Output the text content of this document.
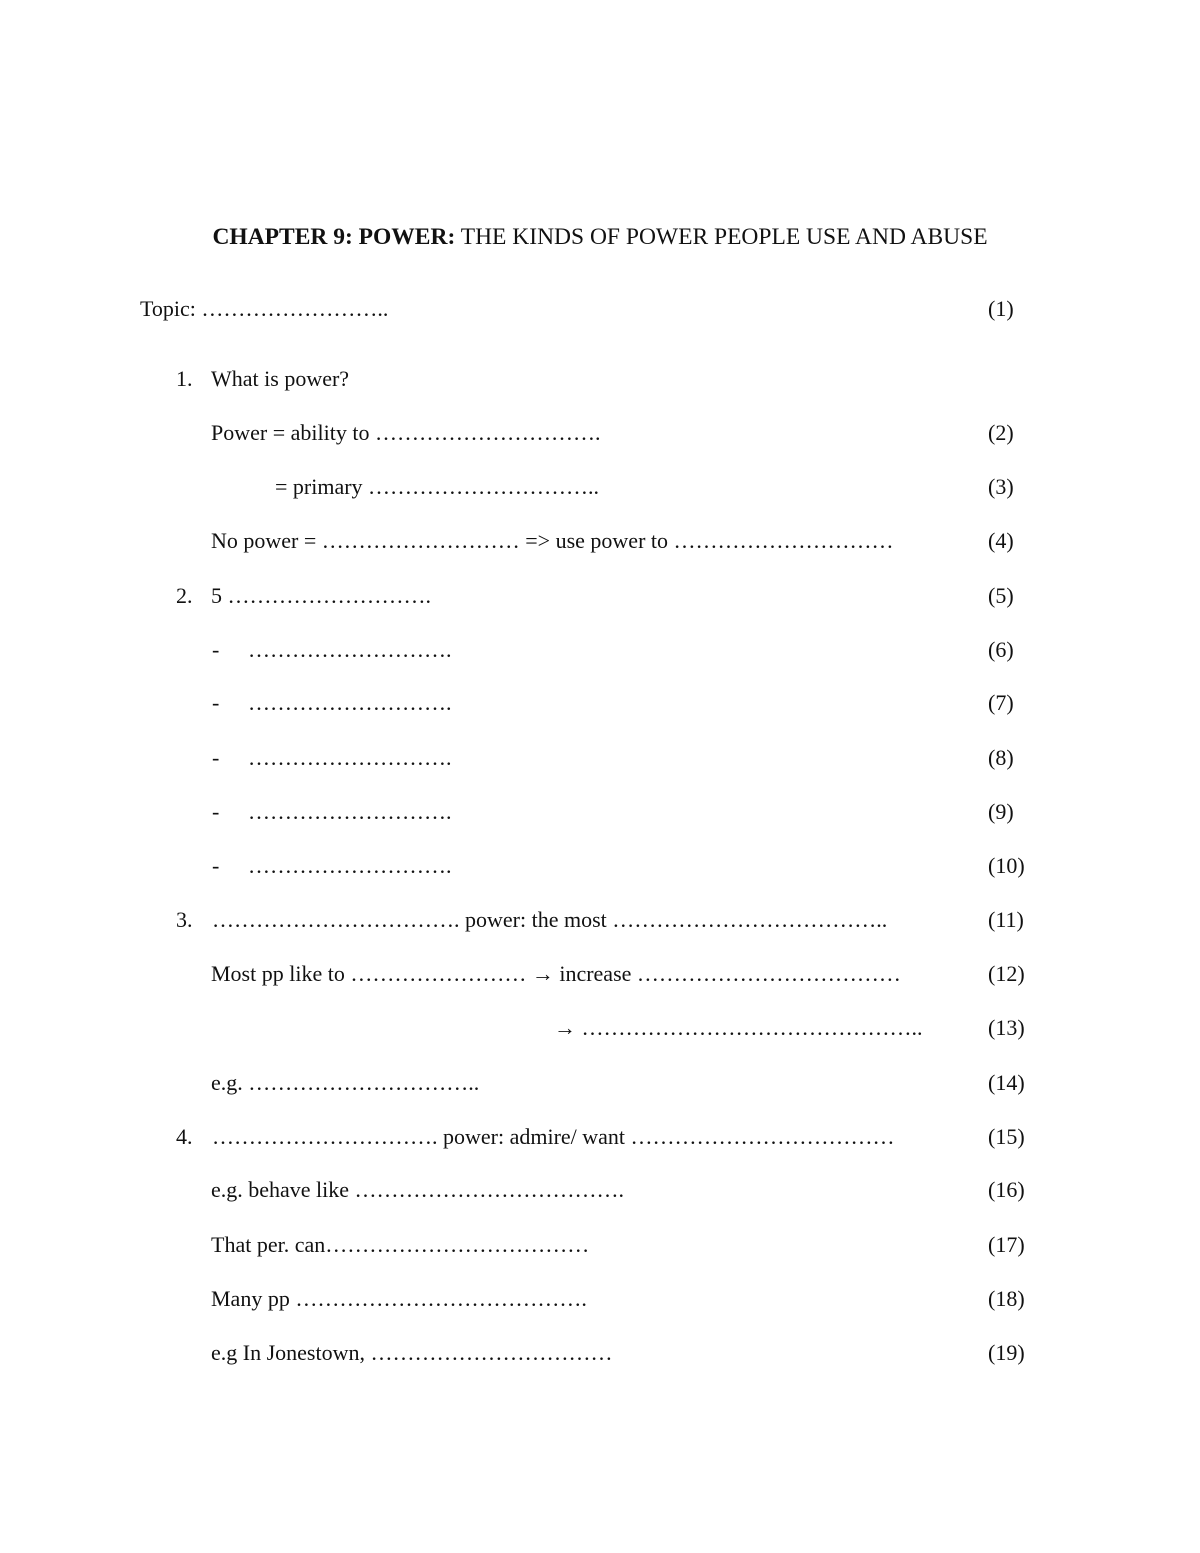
CHAPTER 9: POWER: THE KINDS OF POWER PEOPLE USE AND ABUSE
Topic: ……………………..	(1)
1. What is power?
Power = ability to ………………………….	(2)
= primary …………………………..	(3)
No power = ……………………… => use power to …………………………	(4)
2. 5 ……………………….	(5)
- ……………………….	(6)
- ……………………….	(7)
- ……………………….	(8)
- ……………………….	(9)
- ……………………….	(10)
3. ……………………………. power: the most ………………………………..	(11)
Most pp like to …………………… → increase ………………………………	(12)
→ ………………………………………..	(13)
e.g. …………………………..	(14)
4. …………………………. power: admire/ want ………………………………	(15)
e.g. behave like ……………………………….	(16)
That per. can………………………………	(17)
Many pp ………………………………….	(18)
e.g In Jonestown, ……………………………	(19)
